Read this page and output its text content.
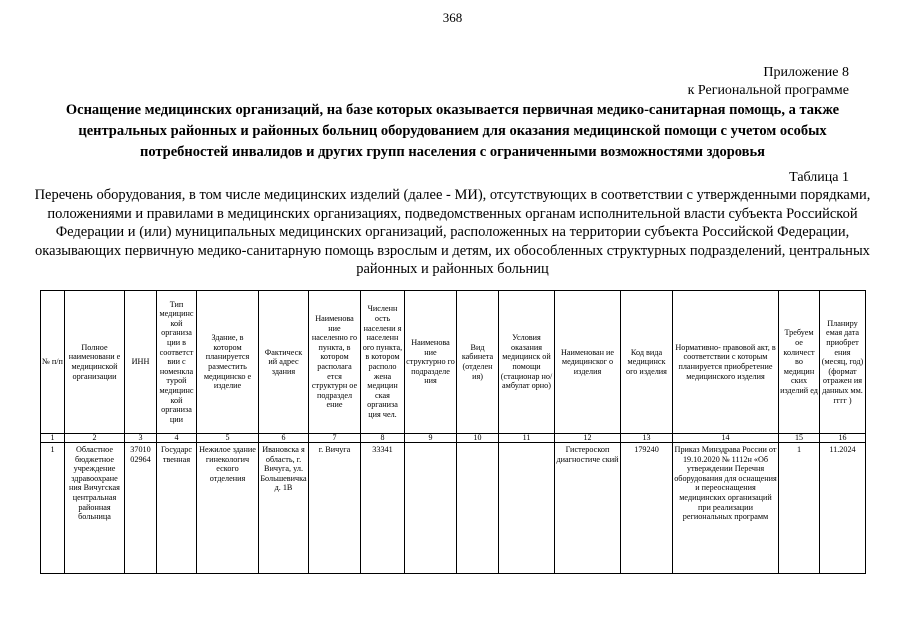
368
Приложение 8
к Региональной программе
Оснащение медицинских организаций, на базе которых оказывается первичная медико-санитарная помощь, а также центральных районных и районных больниц оборудованием для оказания медицинской помощи с учетом особых потребностей инвалидов и других групп населения с ограниченными возможностями здоровья
Таблица 1
Перечень оборудования, в том числе медицинских изделий (далее - МИ), отсутствующих в соответствии с утвержденными порядками, положениями и правилами в медицинских организациях, подведомственных органам исполнительной власти субъекта Российской Федерации и (или) муниципальных медицинских организаций, расположенных на территории субъекта Российской Федерации, оказывающих первичную медико-санитарную помощь взрослым и детям, их обособленных структурных подразделений, центральных районных и районных больниц
№ п/п	Полное наименовани е медицинской организации	ИНН	Тип медицинс кой организа ции в соответст вии с номенкла турой медицинс кой организа ции	Здание, в котором планируется разместить медицинско е изделие	Фактическ ий адрес здания	Наименова ние населенно го пункта, в котором располага ется структурн ое подраздел ение	Численн ость населени я населенн ого пункта, в котором располо жена медицин ская организа ция чел.	Наименова ние структурно го подразделе ния	Вид кабинета (отделен ия)	Условия оказания медицинск ой помощи (стационар но/амбулат орно)	Наименован ие медицинског о изделия	Код вида медицинск ого изделия	Нормативно- правовой акт, в соответствии с которым планируется приобретение медицинского изделия	Требуем ое количест во медицин ских изделий ед	Планиру емая дата приобрет ения (месяц, год) (формат отражен ия данных мм. гггг )
1	2	3	4	5	6	7	8	9	10	11	12	13	14	15	16
1	Областное бюджетное учреждение здравоохране ния Вичугская центральная районная больница	37010 02964	Государс твенная	Нежилое здание гинекологич еского отделения	Ивановска я область, г. Вичуга, ул. Большевичка д. 1В	г. Вичуга	33341				Гистероскоп диагностиче ский	179240	Приказ Минздрава России от 19.10.2020 № 1112н «Об утверждении Перечня оборудования для оснащения и переоснащения медицинских организаций при реализации региональных программ	1	11.2024
